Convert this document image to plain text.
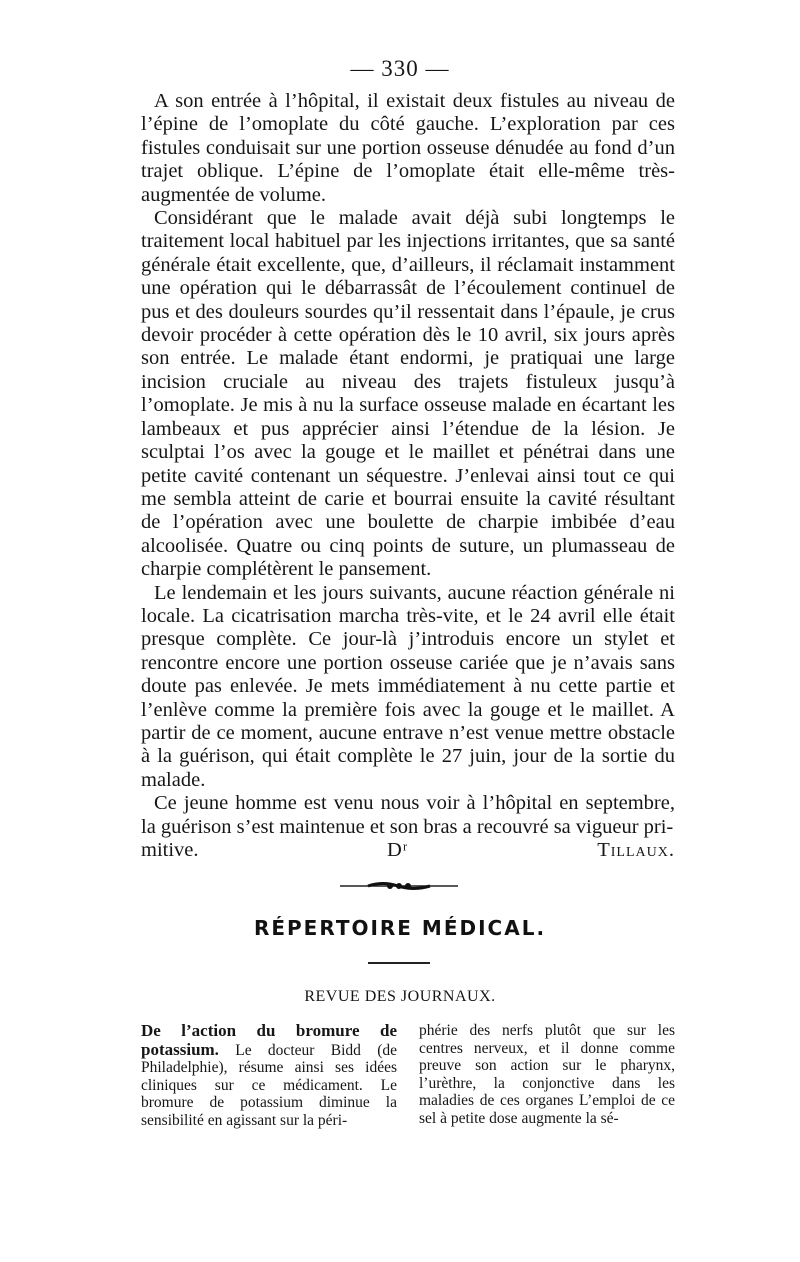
— 330 —

A son entrée à l’hôpital, il existait deux fistules au niveau de l’épine de l’omoplate du côté gauche. L’exploration par ces fistules conduisait sur une portion osseuse dénudée au fond d’un trajet oblique. L’épine de l’omoplate était elle-même très-augmentée de volume.

Considérant que le malade avait déjà subi longtemps le traitement local habituel par les injections irritantes, que sa santé générale était excellente, que, d’ailleurs, il réclamait instamment une opération qui le débarrassât de l’écoulement continuel de pus et des douleurs sourdes qu’il ressentait dans l’épaule, je crus devoir procéder à cette opération dès le 10 avril, six jours après son entrée. Le malade étant endormi, je pratiquai une large incision cruciale au niveau des trajets fistuleux jusqu’à l’omoplate. Je mis à nu la surface osseuse malade en écartant les lambeaux et pus apprécier ainsi l’étendue de la lésion. Je sculptai l’os avec la gouge et le maillet et pénétrai dans une petite cavité contenant un séquestre. J’enlevai ainsi tout ce qui me sembla atteint de carie et bourrai ensuite la cavité résultant de l’opération avec une boulette de charpie imbibée d’eau alcoolisée. Quatre ou cinq points de suture, un plumasseau de charpie complétèrent le pansement.

Le lendemain et les jours suivants, aucune réaction générale ni locale. La cicatrisation marcha très-vite, et le 24 avril elle était presque complète. Ce jour-là j’introduis encore un stylet et rencontre encore une portion osseuse cariée que je n’avais sans doute pas enlevée. Je mets immédiatement à nu cette partie et l’enlève comme la première fois avec la gouge et le maillet. A partir de ce moment, aucune entrave n’est venue mettre obstacle à la guérison, qui était complète le 27 juin, jour de la sortie du malade.

Ce jeune homme est venu nous voir à l’hôpital en septembre, la guérison s’est maintenue et son bras a recouvré sa vigueur pri-

mitive.	Dʳ Tillaux.

RÉPERTOIRE MÉDICAL.
REVUE DES JOURNAUX.

De l’action du bromure de potassium. Le docteur Bidd (de Philadelphie), résume ainsi ses idées cliniques sur ce médicament. Le bromure de potassium diminue la sensibilité en agissant sur la péri-

phérie des nerfs plutôt que sur les centres nerveux, et il donne comme preuve son action sur le pharynx, l’urèthre, la conjonctive dans les maladies de ces organes L’emploi de ce sel à petite dose augmente la sé-
